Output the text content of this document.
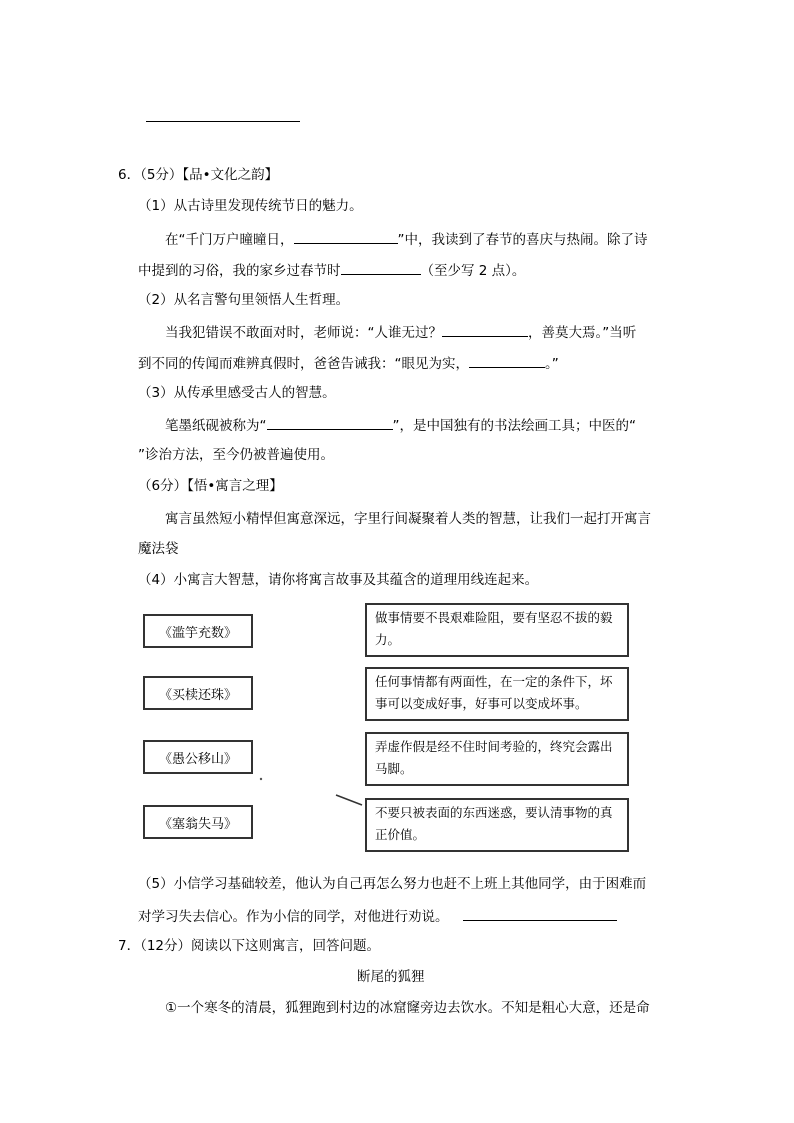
6．（5分）【品•文化之韵】
（1）从古诗里发现传统节日的魅力。
在“千门万户曈曈日，	”中，我读到了春节的喜庆与热闹。除了诗
中提到的习俗，我的家乡过春节时	（至少写 2 点）。
（2）从名言警句里领悟人生哲理。
当我犯错误不敢面对时，老师说：“人谁无过？	，善莫大焉。”当听
到不同的传闻而难辨真假时，爸爸告诫我：“眼见为实，	。”
（3）从传承里感受古人的智慧。
笔墨纸砚被称为“	”，是中国独有的书法绘画工具；中医的“
”诊治方法，至今仍被普遍使用。
（6分）【悟•寓言之理】
寓言虽然短小精悍但寓意深远，字里行间凝聚着人类的智慧，让我们一起打开寓言
魔法袋
（4）小寓言大智慧，请你将寓言故事及其蕴含的道理用线连起来。
《滥竽充数》
《买椟还珠》
《愚公移山》
《塞翁失马》
做事情要不畏艰难险阻，要有坚忍不拔的毅力。
任何事情都有两面性，在一定的条件下，坏事可以变成好事，好事可以变成坏事。
弄虚作假是经不住时间考验的，终究会露出马脚。
不要只被表面的东西迷惑，要认清事物的真正价值。
（5）小信学习基础较差，他认为自己再怎么努力也赶不上班上其他同学，由于困难而
对学习失去信心。作为小信的同学，对他进行劝说。
7．（12分）阅读以下这则寓言，回答问题。
断尾的狐狸
①一个寒冬的清晨，狐狸跑到村边的冰窟窿旁边去饮水。不知是粗心大意，还是命
